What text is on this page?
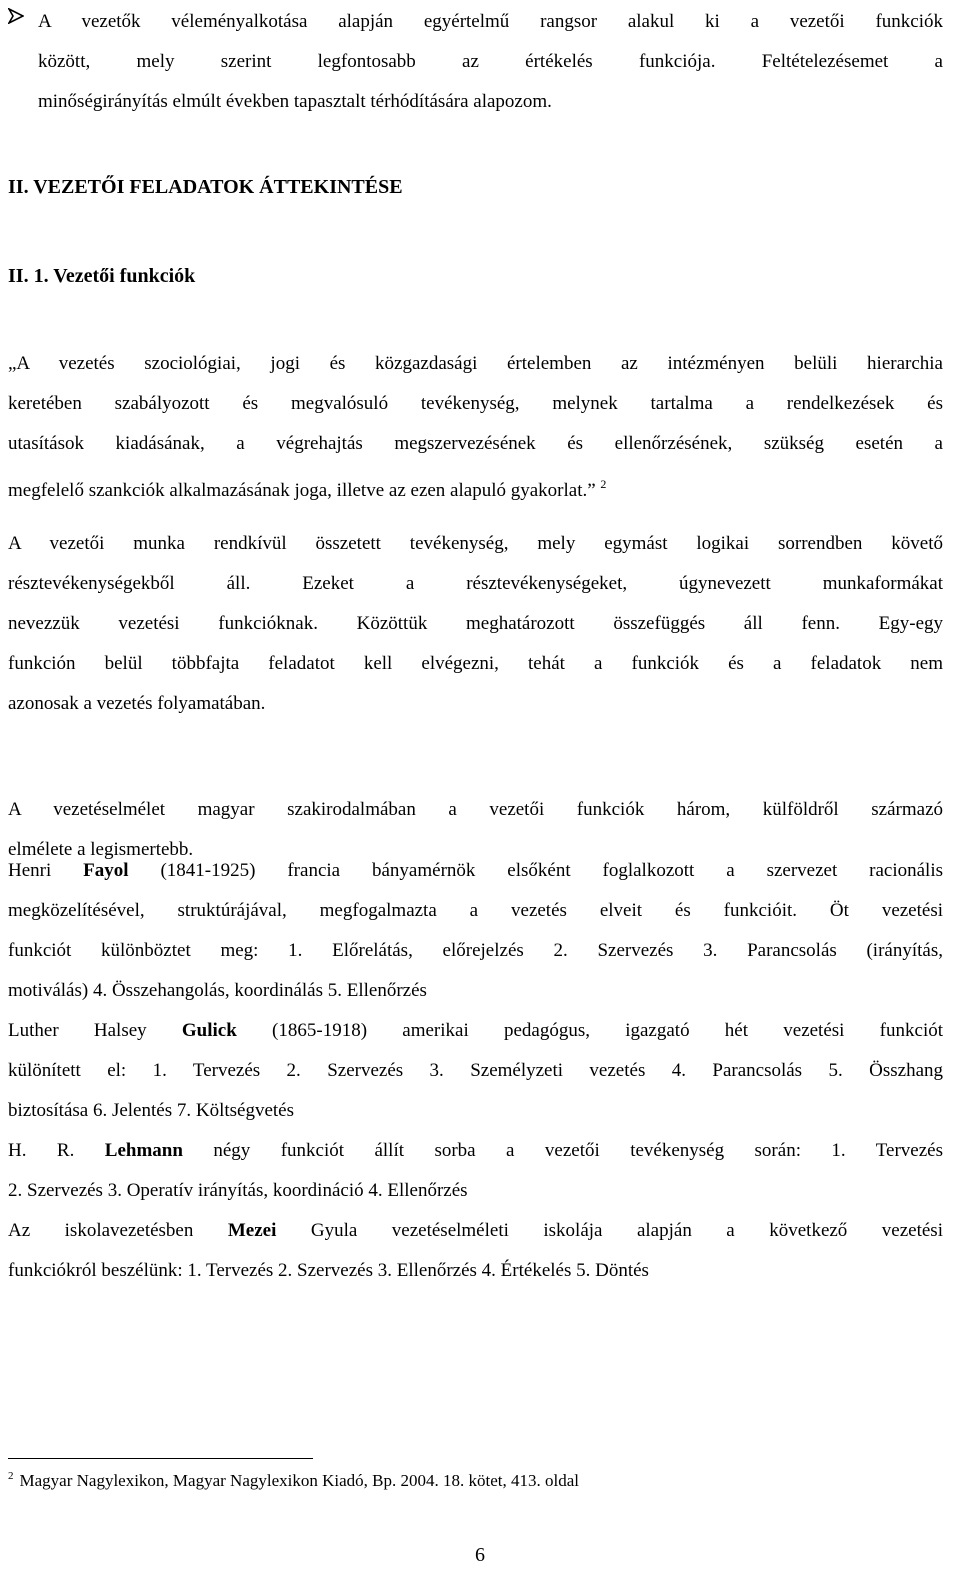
A vezetők véleményalkotása alapján egyértelmű rangsor alakul ki a vezetői funkciók

között, mely szerint legfontosabb az értékelés funkciója. Feltételezésemet a

minőségirányítás elmúlt években tapasztalt térhódítására alapozom.

II. VEZETŐI FELADATOK ÁTTEKINTÉSE
II. 1. Vezetői funkciók

„A vezetés szociológiai, jogi és közgazdasági értelemben az intézményen belüli hierarchia

keretében szabályozott és megvalósuló tevékenység, melynek tartalma a rendelkezések és

utasítások kiadásának, a végrehajtás megszervezésének és ellenőrzésének, szükség esetén a

megfelelő szankciók alkalmazásának joga, illetve az ezen alapuló gyakorlat.” $^2$

A vezetői munka rendkívül összetett tevékenység, mely egymást logikai sorrendben követő

résztevékenységekből áll. Ezeket a résztevékenységeket, úgynevezett munkaformákat

nevezzük vezetési funkcióknak. Közöttük meghatározott összefüggés áll fenn. Egy-egy

funkción belül többfajta feladatot kell elvégezni, tehát a funkciók és a feladatok nem

azonosak a vezetés folyamatában.

A vezetéselmélet magyar szakirodalmában a vezetői funkciók három, külföldről származó

elmélete a legismertebb.

Henri Fayol (1841-1925) francia bányamérnök elsőként foglalkozott a szervezet racionális

megközelítésével, struktúrájával, megfogalmazta a vezetés elveit és funkcióit. Öt vezetési

funkciót különböztet meg: 1. Előrelátás, előrejelzés 2. Szervezés 3. Parancsolás (irányítás,

motiválás) 4. Összehangolás, koordinálás 5. Ellenőrzés

Luther Halsey Gulick (1865-1918) amerikai pedagógus, igazgató hét vezetési funkciót

különített el: 1. Tervezés 2. Szervezés 3. Személyzeti vezetés 4. Parancsolás 5. Összhang

biztosítása 6. Jelentés 7. Költségvetés

H. R. Lehmann négy funkciót állít sorba a vezetői tevékenység során: 1. Tervezés

2. Szervezés 3. Operatív irányítás, koordináció 4. Ellenőrzés

Az iskolavezetésben Mezei Gyula vezetéselméleti iskolája alapján a következő vezetési

funkciókról beszélünk: 1. Tervezés 2. Szervezés 3. Ellenőrzés 4. Értékelés 5. Döntés

$^2$ Magyar Nagylexikon, Magyar Nagylexikon Kiadó, Bp. 2004. 18. kötet, 413. oldal
6
